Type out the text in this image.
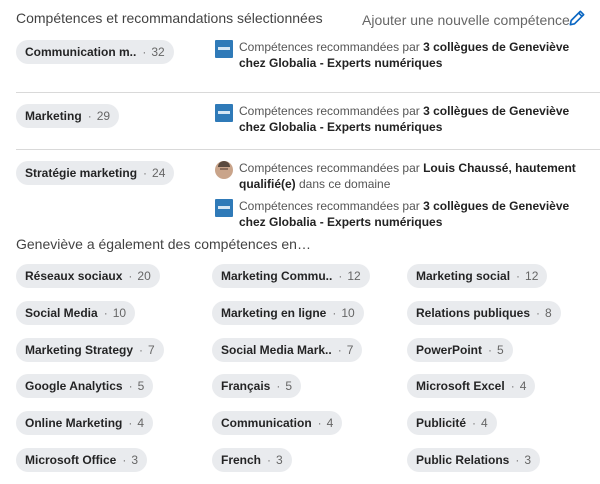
Compétences et recommandations sélectionnées	Ajouter une nouvelle compétence
Communication m.. · 32	Compétences recommandées par 3 collègues de Geneviève chez Globalia - Experts numériques
Marketing · 29	Compétences recommandées par 3 collègues de Geneviève chez Globalia - Experts numériques
Stratégie marketing · 24	Compétences recommandées par Louis Chaussé, hautement qualifié(e) dans ce domaine
Compétences recommandées par 3 collègues de Geneviève chez Globalia - Experts numériques
Geneviève a également des compétences en…
Réseaux sociaux · 20	Marketing Commu.. · 12	Marketing social · 12
Social Media · 10	Marketing en ligne · 10	Relations publiques · 8
Marketing Strategy · 7	Social Media Mark.. · 7	PowerPoint · 5
Google Analytics · 5	Français · 5	Microsoft Excel · 4
Online Marketing · 4	Communication · 4	Publicité · 4
Microsoft Office · 3	French · 3	Public Relations · 3
